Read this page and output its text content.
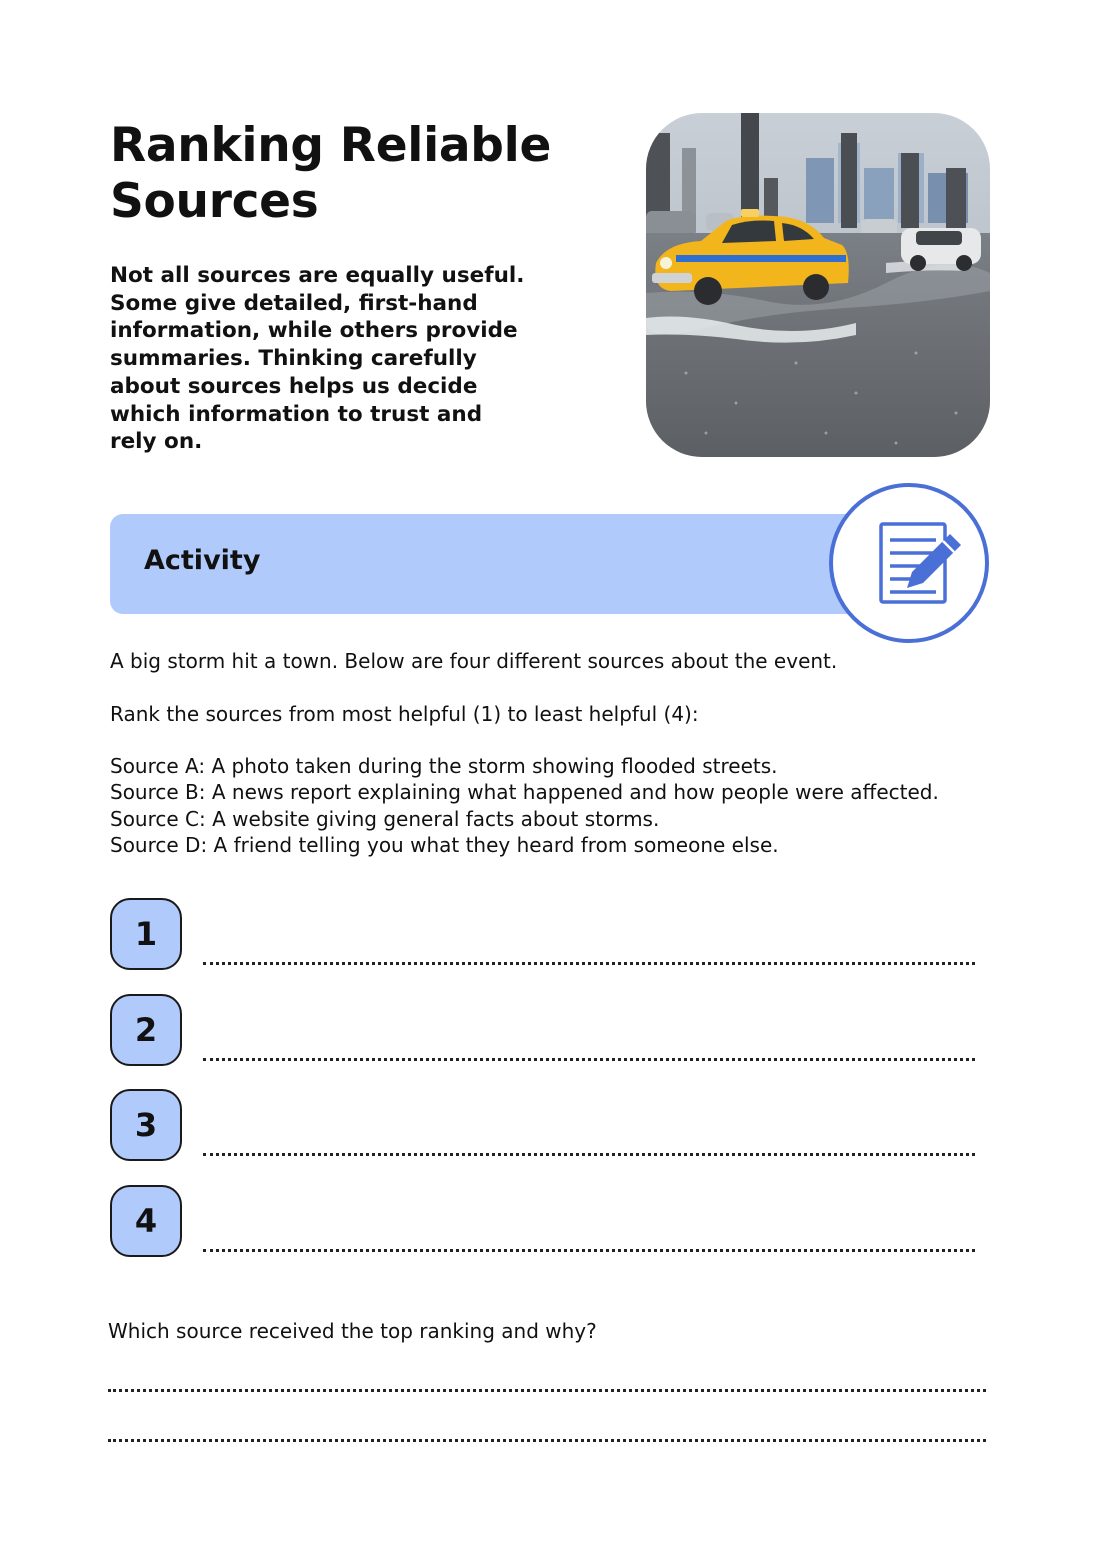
Ranking Reliable Sources

Not all sources are equally useful. Some give detailed, first-hand information, while others provide summaries. Thinking carefully about sources helps us decide which information to trust and rely on.

Activity

A big storm hit a town. Below are four different sources about the event.

Rank the sources from most helpful (1) to least helpful (4):

Source A: A photo taken during the storm showing flooded streets.

Source B: A news report explaining what happened and how people were affected.

Source C: A website giving general facts about storms.

Source D: A friend telling you what they heard from someone else.

1
2
3
4
Which source received the top ranking and why?
